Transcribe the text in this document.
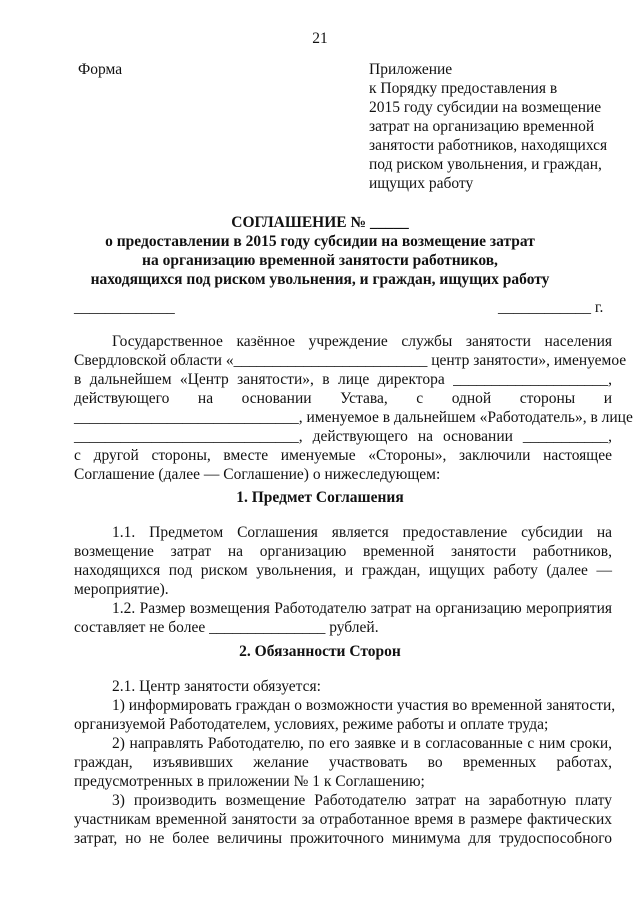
21
Форма	Приложение
к Порядку предоставления в
2015 году субсидии на возмещение
затрат на организацию временной
занятости работников, находящихся
под риском увольнения, и граждан,
ищущих работу
СОГЛАШЕНИЕ № _____
о предоставлении в 2015 году субсидии на возмещение затрат
на организацию временной занятости работников,
находящихся под риском увольнения, и граждан, ищущих работу
_____________	____________ г.
Государственное казённое учреждение службы занятости населения
Свердловской области «_________________________ центр занятости», именуемое
в дальнейшем «Центр занятости», в лице директора ____________________,
действующего на основании Устава, с одной стороны и
_____________________________, именуемое в дальнейшем «Работодатель», в лице
_____________________________, действующего на основании ___________,
с другой стороны, вместе именуемые «Стороны», заключили настоящее
Соглашение (далее — Соглашение) о нижеследующем:
1. Предмет Соглашения
1.1. Предметом Соглашения является предоставление субсидии на
возмещение затрат на организацию временной занятости работников,
находящихся под риском увольнения, и граждан, ищущих работу (далее —
мероприятие).
1.2. Размер возмещения Работодателю затрат на организацию мероприятия
составляет не более _______________ рублей.
2. Обязанности Сторон
2.1. Центр занятости обязуется:
1) информировать граждан о возможности участия во временной занятости,
организуемой Работодателем, условиях, режиме работы и оплате труда;
2) направлять Работодателю, по его заявке и в согласованные с ним сроки,
граждан, изъявивших желание участвовать во временных работах,
предусмотренных в приложении № 1 к Соглашению;
3) производить возмещение Работодателю затрат на заработную плату
участникам временной занятости за отработанное время в размере фактических
затрат, но не более величины прожиточного минимума для трудоспособного
